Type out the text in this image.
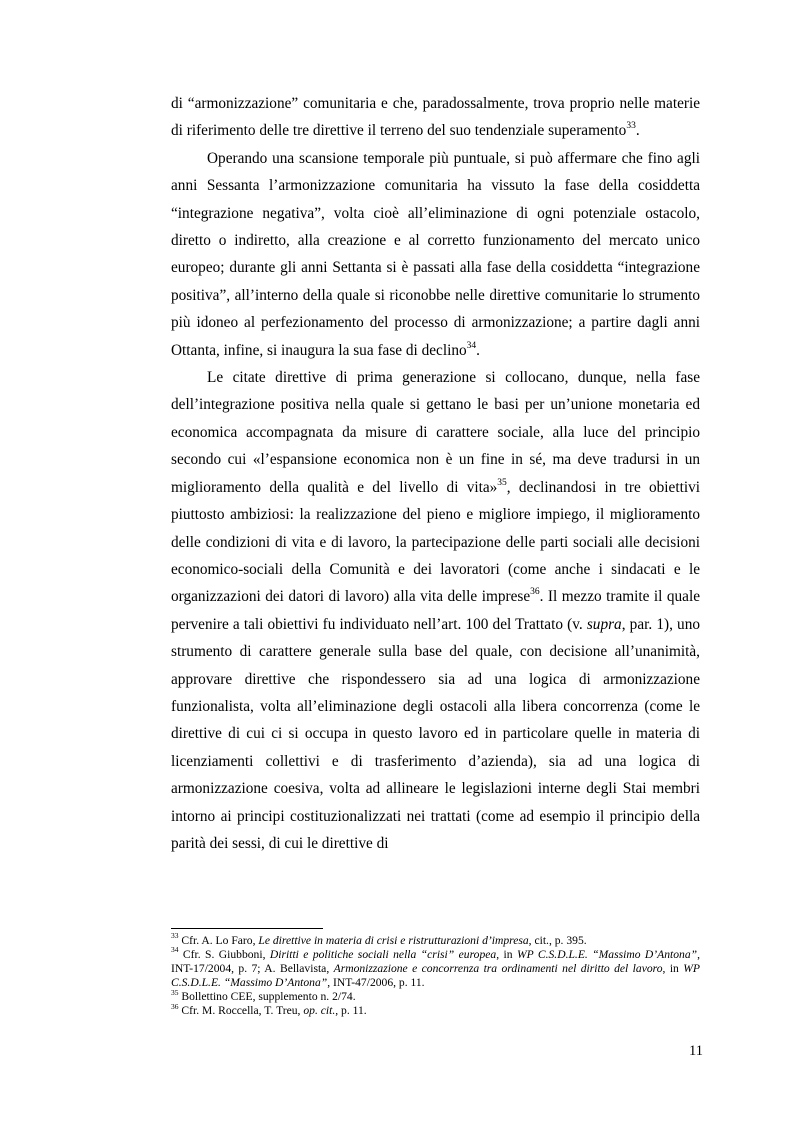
di “armonizzazione” comunitaria e che, paradossalmente, trova proprio nelle materie di riferimento delle tre direttive il terreno del suo tendenziale superamento$^{33}$.

Operando una scansione temporale più puntuale, si può affermare che fino agli anni Sessanta l’armonizzazione comunitaria ha vissuto la fase della cosiddetta “integrazione negativa”, volta cioè all’eliminazione di ogni potenziale ostacolo, diretto o indiretto, alla creazione e al corretto funzionamento del mercato unico europeo; durante gli anni Settanta si è passati alla fase della cosiddetta “integrazione positiva”, all’interno della quale si riconobbe nelle direttive comunitarie lo strumento più idoneo al perfezionamento del processo di armonizzazione; a partire dagli anni Ottanta, infine, si inaugura la sua fase di declino$^{34}$.

Le citate direttive di prima generazione si collocano, dunque, nella fase dell’integrazione positiva nella quale si gettano le basi per un’unione monetaria ed economica accompagnata da misure di carattere sociale, alla luce del principio secondo cui «l’espansione economica non è un fine in sé, ma deve tradursi in un miglioramento della qualità e del livello di vita»$^{35}$, declinandosi in tre obiettivi piuttosto ambiziosi: la realizzazione del pieno e migliore impiego, il miglioramento delle condizioni di vita e di lavoro, la partecipazione delle parti sociali alle decisioni economico-sociali della Comunità e dei lavoratori (come anche i sindacati e le organizzazioni dei datori di lavoro) alla vita delle imprese$^{36}$. Il mezzo tramite il quale pervenire a tali obiettivi fu individuato nell’art. 100 del Trattato (v. supra, par. 1), uno strumento di carattere generale sulla base del quale, con decisione all’unanimità, approvare direttive che rispondessero sia ad una logica di armonizzazione funzionalista, volta all’eliminazione degli ostacoli alla libera concorrenza (come le direttive di cui ci si occupa in questo lavoro ed in particolare quelle in materia di licenziamenti collettivi e di trasferimento d’azienda), sia ad una logica di armonizzazione coesiva, volta ad allineare le legislazioni interne degli Stai membri intorno ai principi costituzionalizzati nei trattati (come ad esempio il principio della parità dei sessi, di cui le direttive di

$^{33}$ Cfr. A. Lo Faro, Le direttive in materia di crisi e ristrutturazioni d’impresa, cit., p. 395.

$^{34}$ Cfr. S. Giubboni, Diritti e politiche sociali nella “crisi” europea, in WP C.S.D.L.E. “Massimo D’Antona”, INT-17/2004, p. 7; A. Bellavista, Armonizzazione e concorrenza tra ordinamenti nel diritto del lavoro, in WP C.S.D.L.E. “Massimo D’Antona”, INT-47/2006, p. 11.

$^{35}$ Bollettino CEE, supplemento n. 2/74.

$^{36}$ Cfr. M. Roccella, T. Treu, op. cit., p. 11.

11
